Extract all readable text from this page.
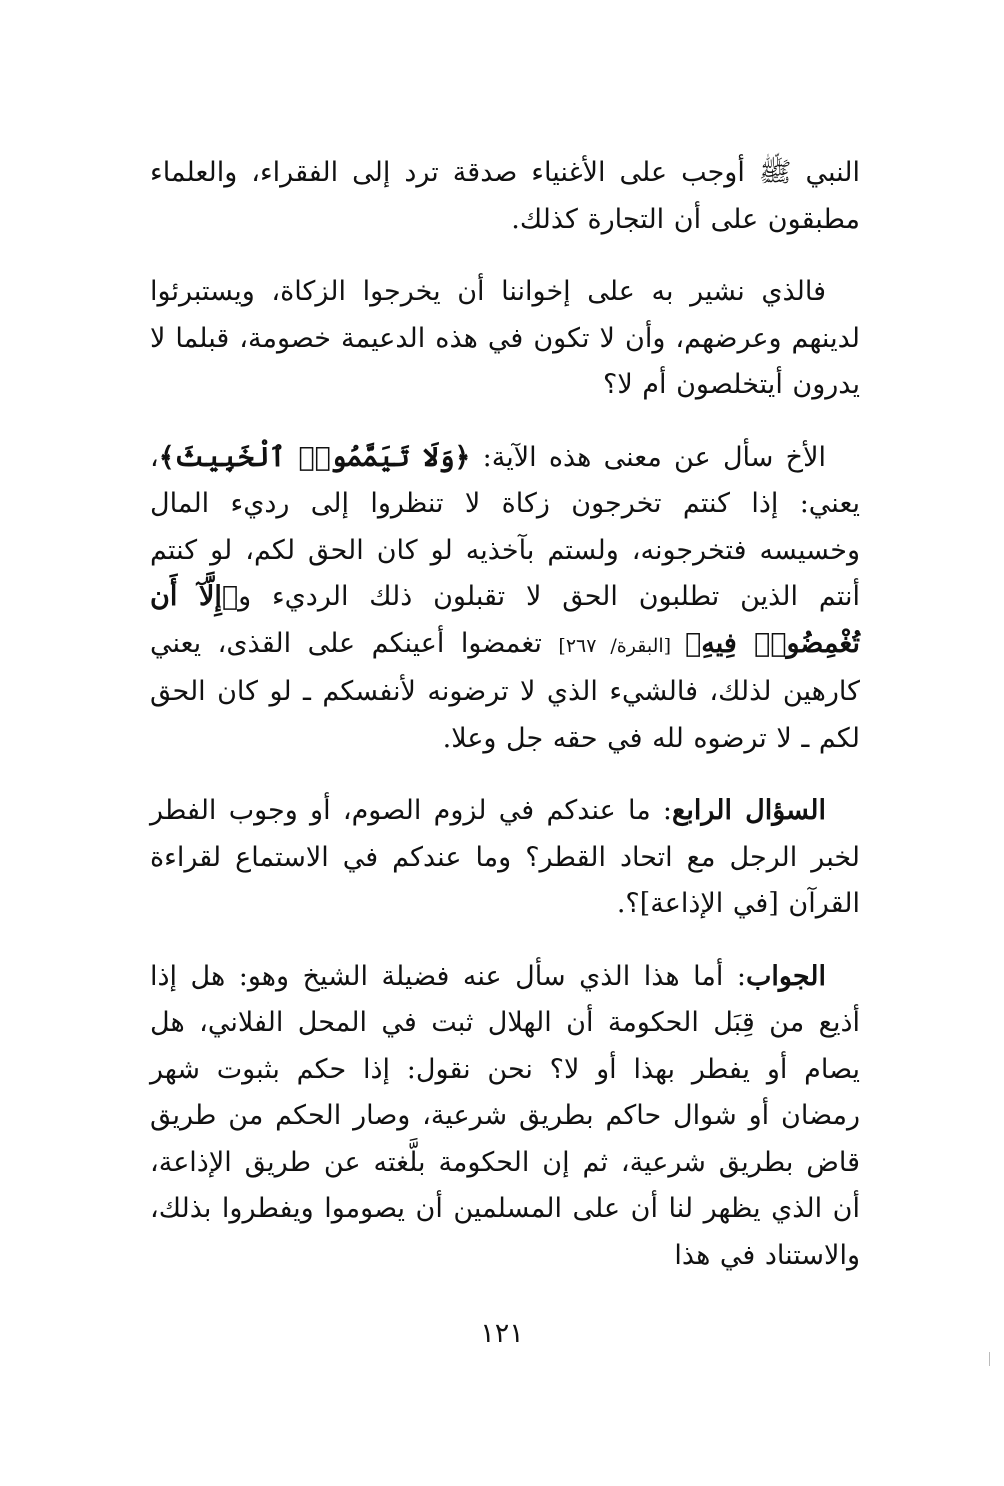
النبي ﷺ أوجب على الأغنياء صدقة ترد إلى الفقراء، والعلماء مطبقون على أن التجارة كذلك.

فالذي نشير به على إخواننا أن يخرجوا الزكاة، ويستبرئوا لدينهم وعرضهم، وأن لا تكون في هذه الدعيمة خصومة، قبلما لا يدرون أيتخلصون أم لا؟

الأخ سأل عن معنى هذه الآية: ﴿وَلَا تَيَمَّمُوا۟ ٱلْخَبِيثَ﴾، يعني: إذا كنتم تخرجون زكاة لا تنظروا إلى رديء المال وخسيسه فتخرجونه، ولستم بآخذيه لو كان الحق لكم، لو كنتم أنتم الذين تطلبون الحق لا تقبلون ذلك الرديء و﴿إِلَّآ أَن تُغْمِضُوا۟ فِيهِ﴾ [البقرة/ ٢٦٧] تغمضوا أعينكم على القذى، يعني كارهين لذلك، فالشيء الذي لا ترضونه لأنفسكم ـ لو كان الحق لكم ـ لا ترضوه لله في حقه جل وعلا.

السؤال الرابع: ما عندكم في لزوم الصوم، أو وجوب الفطر لخبر الرجل مع اتحاد القطر؟ وما عندكم في الاستماع لقراءة القرآن [في الإذاعة]؟.

الجواب: أما هذا الذي سأل عنه فضيلة الشيخ وهو: هل إذا أذيع من قِبَل الحكومة أن الهلال ثبت في المحل الفلاني، هل يصام أو يفطر بهذا أو لا؟ نحن نقول: إذا حكم بثبوت شهر رمضان أو شوال حاكم بطريق شرعية، وصار الحكم من طريق قاض بطريق شرعية، ثم إن الحكومة بلَّغته عن طريق الإذاعة، أن الذي يظهر لنا أن على المسلمين أن يصوموا ويفطروا بذلك، والاستناد في هذا

١٢١
